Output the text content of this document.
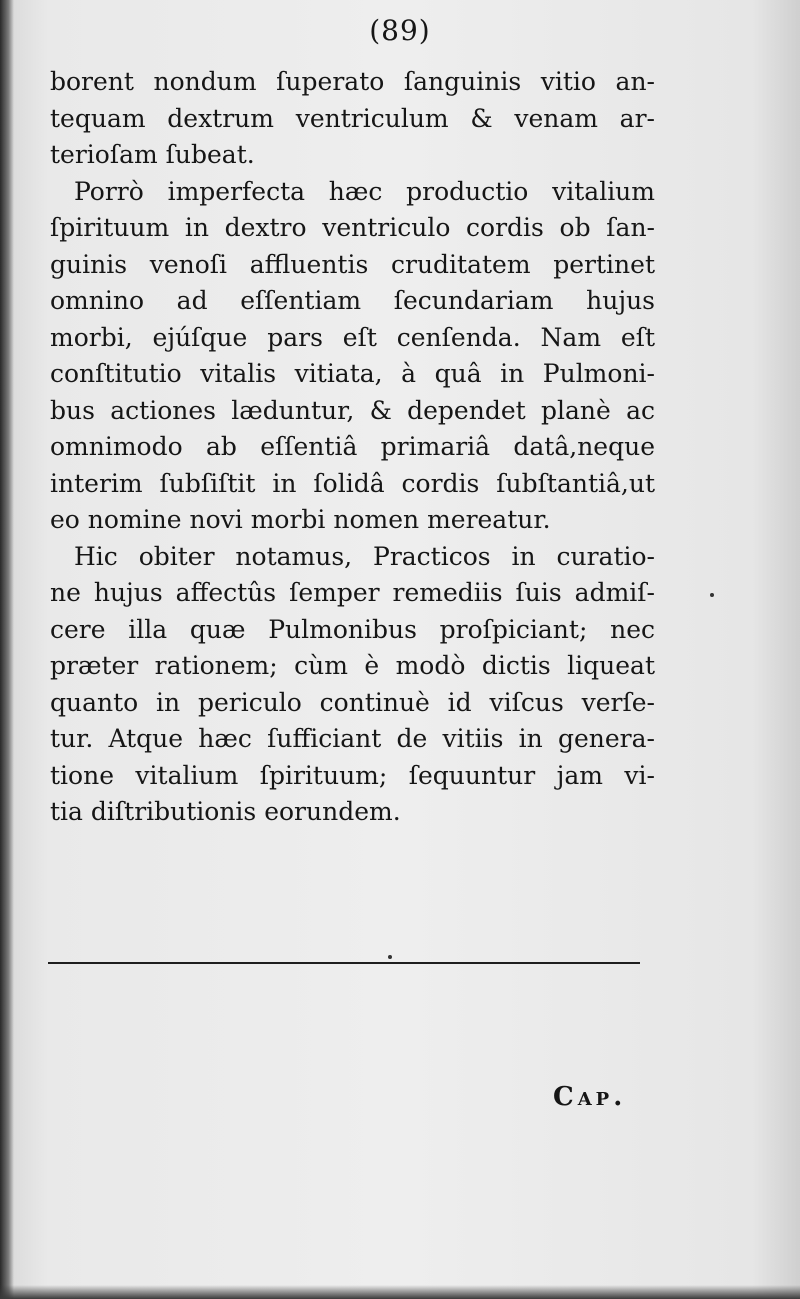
(89)
borent nondum ſuperato ſanguinis vitio an-
tequam dextrum ventriculum & venam ar-
terioſam ſubeat.
Porrò imperfecta hæc productio vitalium
ſpirituum in dextro ventriculo cordis ob ſan-
guinis venoſi affluentis cruditatem pertinet
omnino ad eſſentiam ſecundariam hujus
morbi, ejúſque pars eſt cenſenda. Nam eſt
conſtitutio vitalis vitiata, à quâ in Pulmoni-
bus actiones læduntur, & dependet planè ac
omnimodo ab eſſentiâ primariâ datâ,neque
interim ſubſiſtit in ſolidâ cordis ſubſtantiâ,ut
eo nomine novi morbi nomen mereatur.
Hic obiter notamus, Practicos in curatio-
ne hujus affectûs ſemper remediis ſuis admiſ-
cere illa quæ Pulmonibus proſpiciant; nec
præter rationem; cùm è modò dictis liqueat
quanto in periculo continuè id viſcus verſe-
tur. Atque hæc ſufficiant de vitiis in genera-
tione vitalium ſpirituum; ſequuntur jam vi-
tia diſtributionis eorundem.
Cap.
